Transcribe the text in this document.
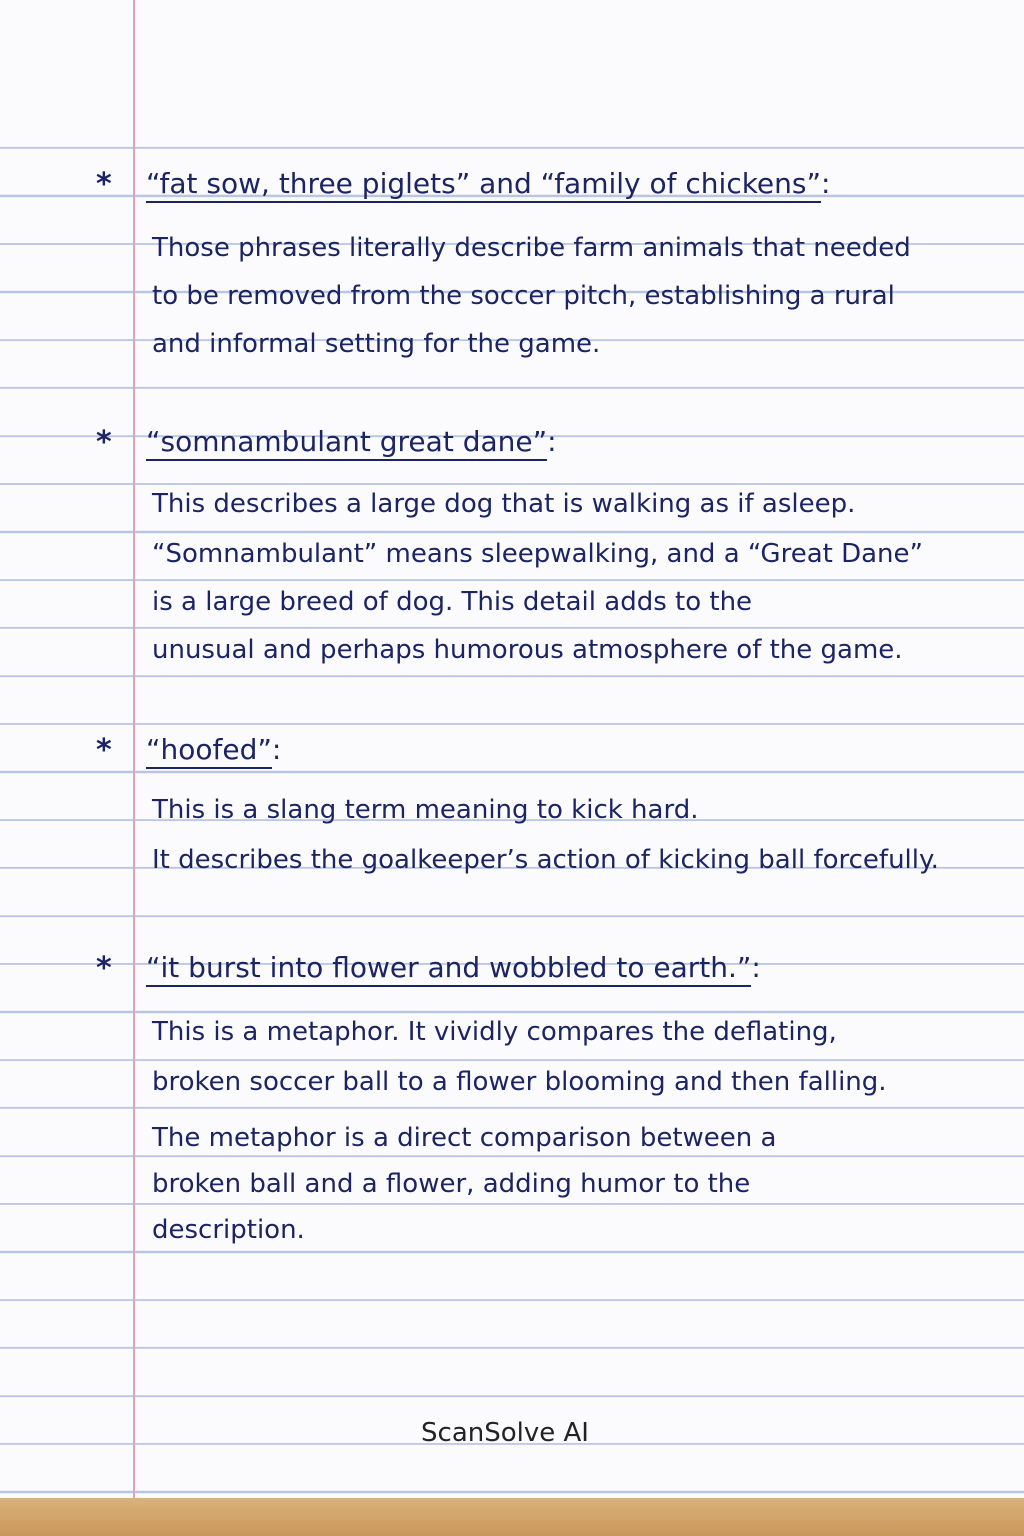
* “fat sow, three piglets” and “family of chickens”:
Those phrases literally describe farm animals that needed
to be removed from the soccer pitch, establishing a rural
and informal setting for the game.
* “somnambulant great dane”:
This describes a large dog that is walking as if asleep.
“Somnambulant” means sleepwalking, and a “Great Dane”
is a large breed of dog. This detail adds to the
unusual and perhaps humorous atmosphere of the game.
* “hoofed”:
This is a slang term meaning to kick hard.
It describes the goalkeeper’s action of kicking ball forcefully.
* “it burst into flower and wobbled to earth.”:
This is a metaphor. It vividly compares the deflating,
broken soccer ball to a flower blooming and then falling.
The metaphor is a direct comparison between a
broken ball and a flower, adding humor to the
description.
ScanSolve AI
